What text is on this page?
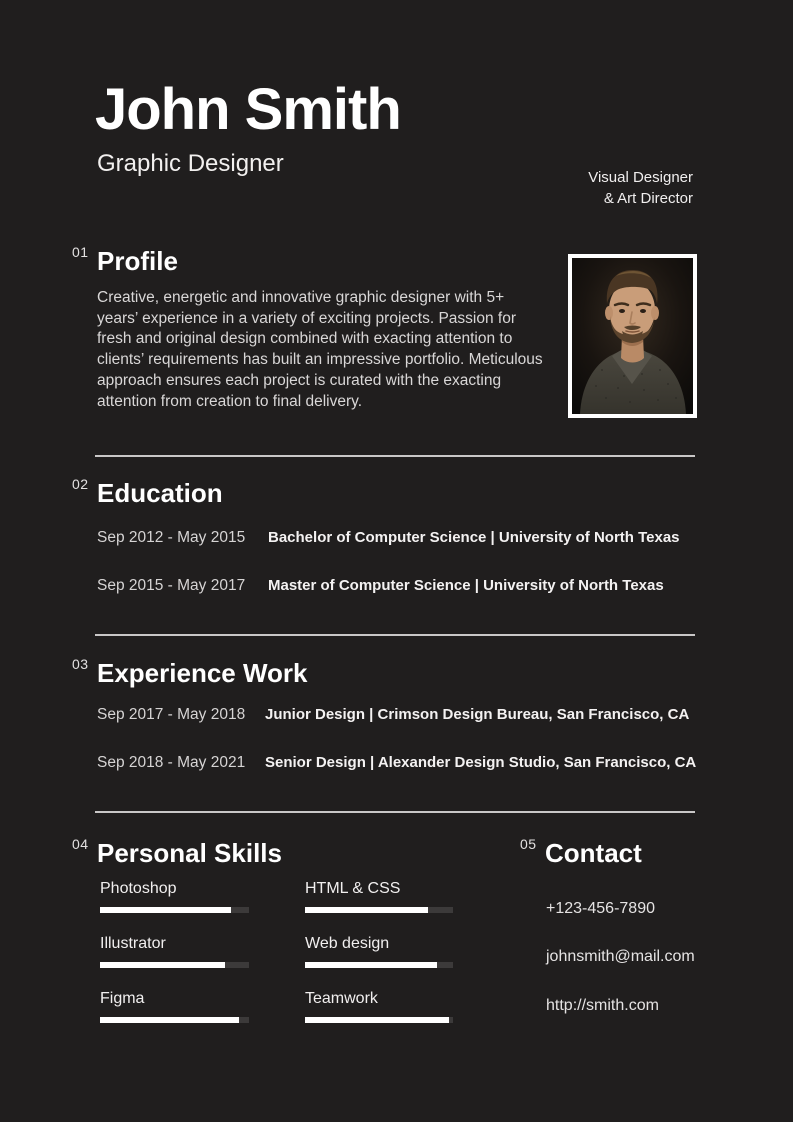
John Smith
Graphic Designer
Visual Designer
& Art Director
01 Profile
Creative, energetic and innovative graphic designer with 5+ years’ experience in a variety of exciting projects. Passion for fresh and original design combined with exacting attention to clients’ requirements has built an impressive portfolio. Meticulous approach ensures each project is curated with the exacting attention from creation to final delivery.
02 Education
Sep 2012 - May 2015 Bachelor of Computer Science | University of North Texas
Sep 2015 - May 2017 Master of Computer Science | University of North Texas
03 Experience Work
Sep 2017 - May 2018 Junior Design | Crimson Design Bureau, San Francisco, CA
Sep 2018 - May 2021 Senior Design | Alexander Design Studio, San Francisco, CA
04 Personal Skills
Photoshop	HTML & CSS
Illustrator	Web design
Figma	Teamwork
05 Contact
+123-456-7890
johnsmith@mail.com
http://smith.com
